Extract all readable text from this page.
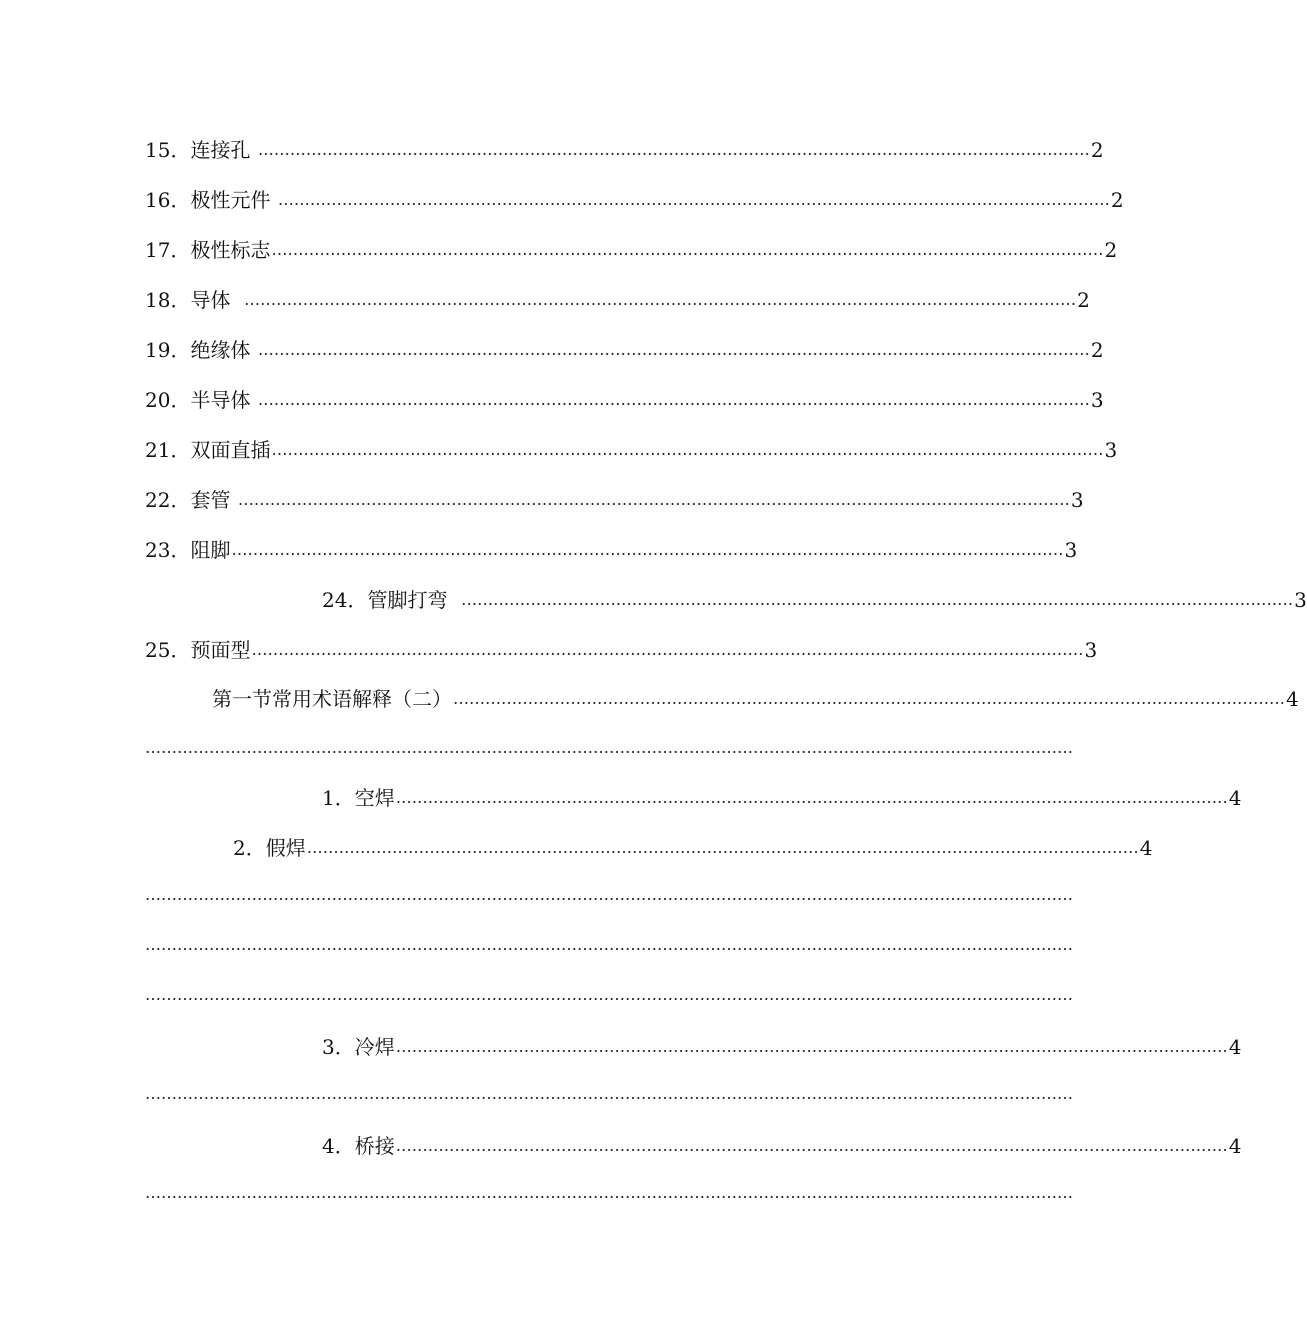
15．连接孔 ………………………………………………………………………………………………………………………………………… 2
16．极性元件 ………………………………………………………………………………………………………………………………………… 2
17．极性标志 ………………………………………………………………………………………………………………………………………… 2
18．导体 ………………………………………………………………………………………………………………………………………… 2
19．绝缘体 ………………………………………………………………………………………………………………………………………… 2
20．半导体 ………………………………………………………………………………………………………………………………………… 3
21．双面直插 ………………………………………………………………………………………………………………………………………… 3
22．套管 ………………………………………………………………………………………………………………………………………… 3
23．阻脚 ………………………………………………………………………………………………………………………………………… 3
24．管脚打弯 ………………………………………………………………………………………………………………………………………… 3
25．预面型 ………………………………………………………………………………………………………………………………………… 3
第一节常用术语解释（二） ………………………………………………………………………………………………………………………………………… 4
…………………………………………………………………………………………………………………………………………………………
1．空焊 ………………………………………………………………………………………………………………………………………… 4
2．假焊 ………………………………………………………………………………………………………………………………………… 4
…………………………………………………………………………………………………………………………………………………………
…………………………………………………………………………………………………………………………………………………………
…………………………………………………………………………………………………………………………………………………………
3．冷焊 ………………………………………………………………………………………………………………………………………… 4
…………………………………………………………………………………………………………………………………………………………
4．桥接 ………………………………………………………………………………………………………………………………………… 4
…………………………………………………………………………………………………………………………………………………………
